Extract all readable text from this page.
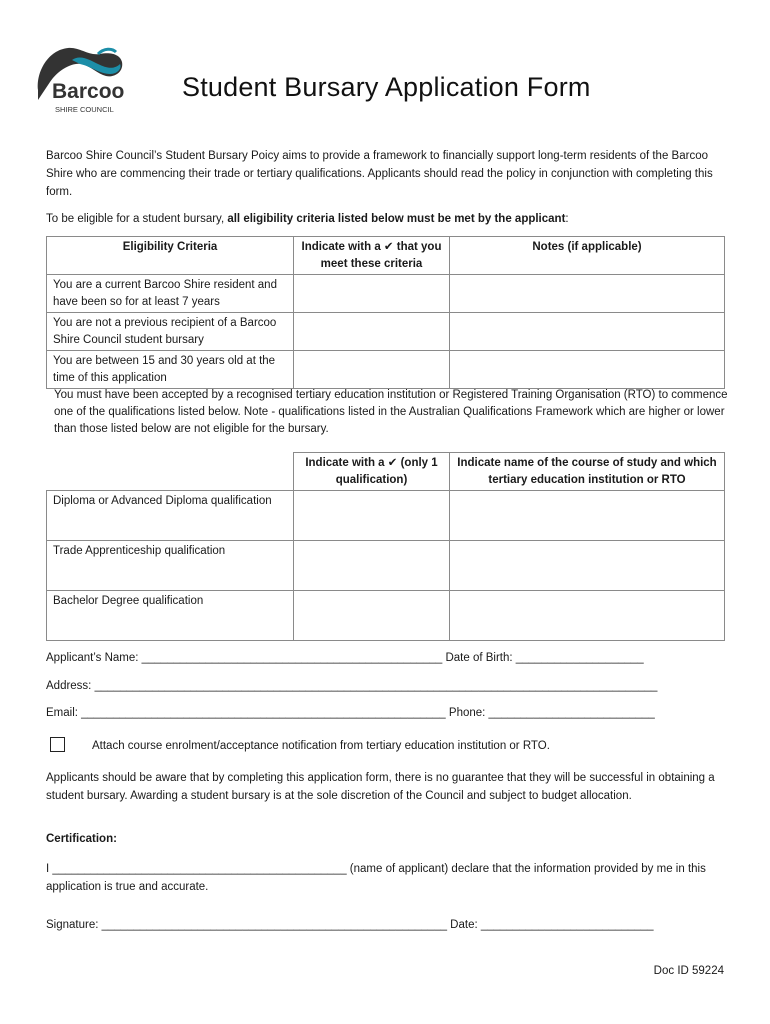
Barcoo
SHIRE COUNCIL
Student Bursary Application Form
Barcoo Shire Council’s Student Bursary Poicy aims to provide a framework to financially support long-term residents of the Barcoo Shire who are commencing their trade or tertiary qualifications. Applicants should read the policy in conjunction with completing this form.
To be eligible for a student bursary, all eligibility criteria listed below must be met by the applicant:
Eligibility Criteria	Indicate with a ✔ that you meet these criteria	Notes (if applicable)
You are a current Barcoo Shire resident and have been so for at least 7 years		
You are not a previous recipient of a Barcoo Shire Council student bursary		
You are between 15 and 30 years old at the time of this application		
You must have been accepted by a recognised tertiary education institution or Registered Training Organisation (RTO) to commence one of the qualifications listed below. Note - qualifications listed in the Australian Qualifications Framework which are higher or lower than those listed below are not eligible for the bursary.
	Indicate with a ✔ (only 1 qualification)	Indicate name of the course of study and which tertiary education institution or RTO
Diploma or Advanced Diploma qualification		
Trade Apprenticeship qualification		
Bachelor Degree qualification		
Applicant’s Name: _______________________________________________ Date of Birth: ____________________
Address: ________________________________________________________________________________________
Email: _________________________________________________________ Phone: __________________________
Attach course enrolment/acceptance notification from tertiary education institution or RTO.
Applicants should be aware that by completing this application form, there is no guarantee that they will be successful in obtaining a student bursary. Awarding a student bursary is at the sole discretion of the Council and subject to budget allocation.
Certification:
I ______________________________________________ (name of applicant) declare that the information provided by me in this application is true and accurate.
Signature: ______________________________________________________ Date: ___________________________
Doc ID 59224
